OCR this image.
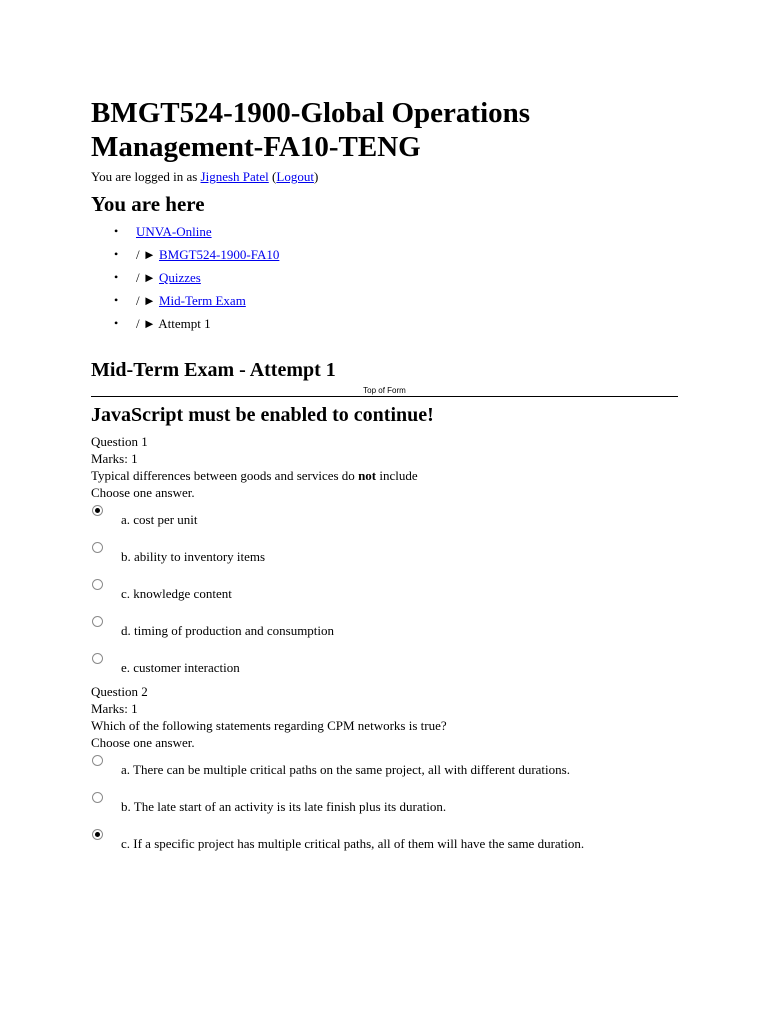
BMGT524-1900-Global Operations Management-FA10-TENG
You are logged in as Jignesh Patel (Logout)
You are here
• UNVA-Online
• / ► BMGT524-1900-FA10
• / ► Quizzes
• / ► Mid-Term Exam
• / ► Attempt 1
Mid-Term Exam - Attempt 1
Top of Form
JavaScript must be enabled to continue!
Question 1
Marks: 1
Typical differences between goods and services do not include
Choose one answer.
a. cost per unit
b. ability to inventory items
c. knowledge content
d. timing of production and consumption
e. customer interaction
Question 2
Marks: 1
Which of the following statements regarding CPM networks is true?
Choose one answer.
a. There can be multiple critical paths on the same project, all with different durations.
b. The late start of an activity is its late finish plus its duration.
c. If a specific project has multiple critical paths, all of them will have the same duration.
